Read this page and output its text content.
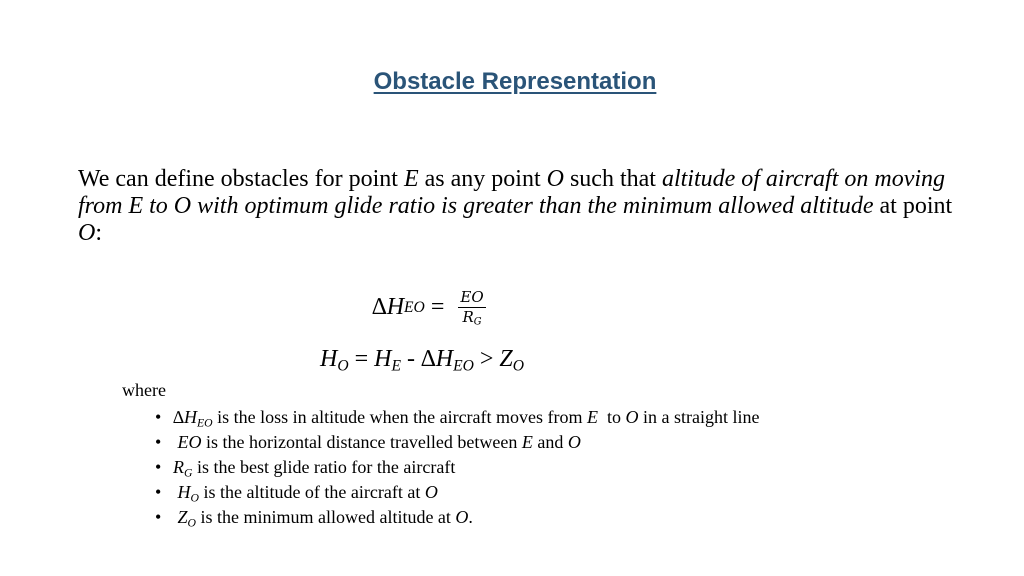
Obstacle Representation
We can define obstacles for point E as any point O such that altitude of aircraft on moving from E to O with optimum glide ratio is greater than the minimum allowed altitude at point O:
∆ H EO = $\frac{EO}{R_G}$
$H_O = H_E - \Delta H_{EO} > Z_O$
where
• $\Delta H_{EO}$ is the loss in altitude when the aircraft moves from E  to O in a straight line
• EO is the horizontal distance travelled between E and O
• $R_G$ is the best glide ratio for the aircraft
• $H_O$ is the altitude of the aircraft at O
• $Z_O$ is the minimum allowed altitude at O.
